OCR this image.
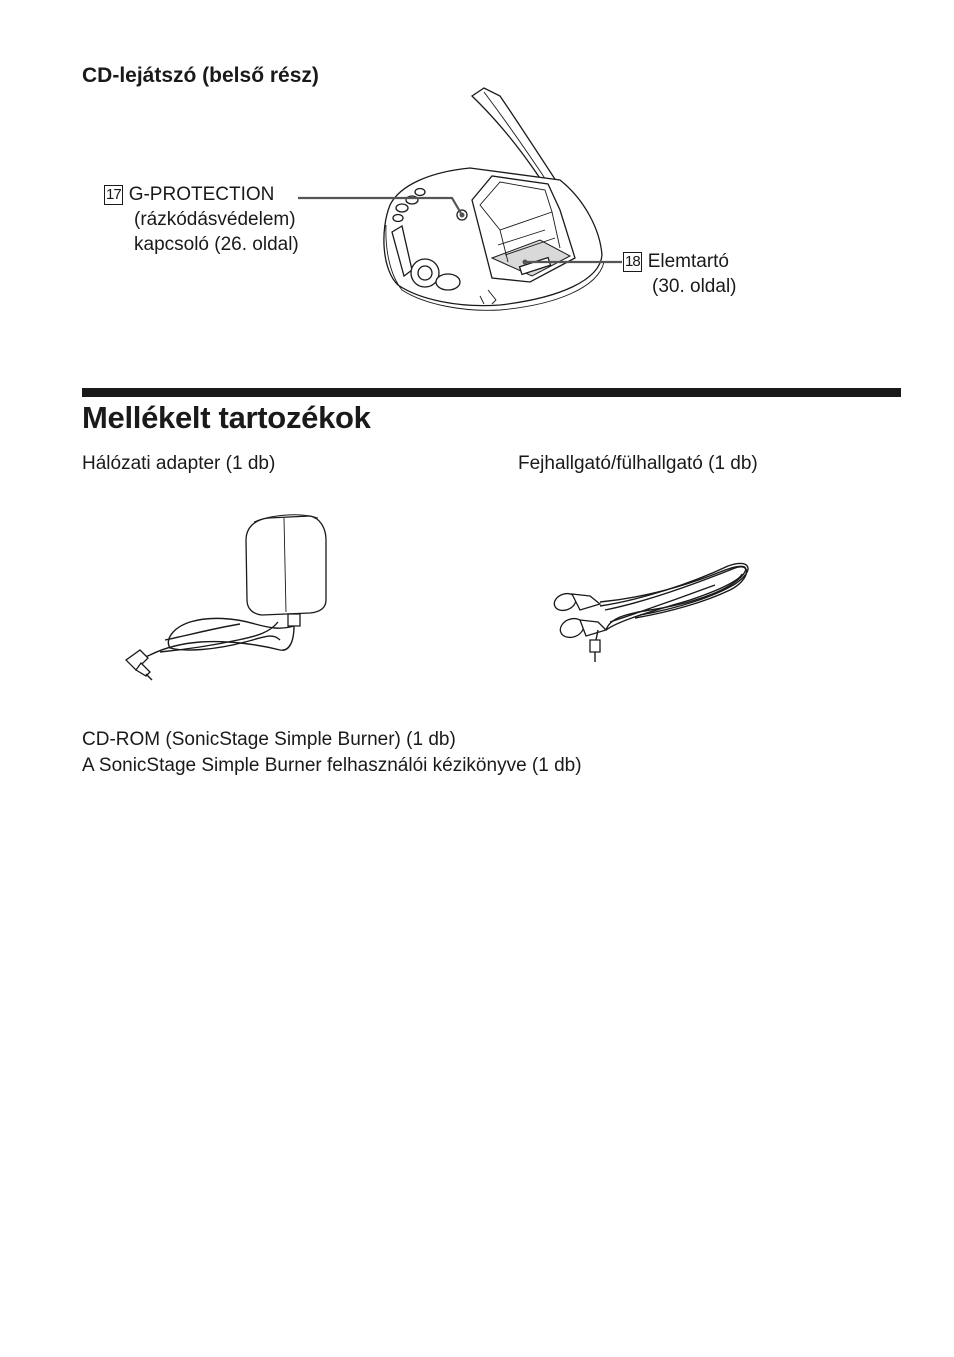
CD-lejátszó (belső rész)
17 G-PROTECTION
(rázkódásvédelem)
kapcsoló (26. oldal)
18 Elemtartó
(30. oldal)
Mellékelt tartozékok
Hálózati adapter (1 db)	Fejhallgató/fülhallgató (1 db)
CD-ROM (SonicStage Simple Burner) (1 db)
A SonicStage Simple Burner felhasználói kézikönyve (1 db)
